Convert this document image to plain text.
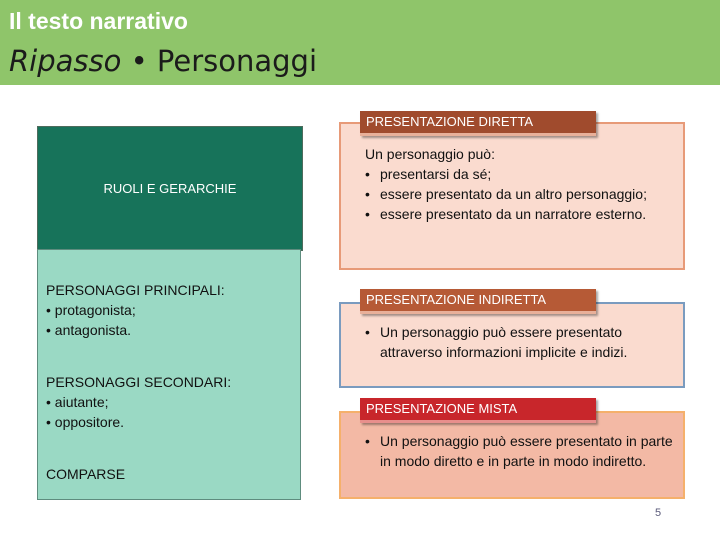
Il testo narrativo
Ripasso • Personaggi
RUOLI E GERARCHIE

PERSONAGGI PRINCIPALI:

• protagonista;

• antagonista.

PERSONAGGI SECONDARI:

• aiutante;

• oppositore.

COMPARSE

Un personaggio può:

• presentarsi da sé;
• essere presentato da un altro personaggio;
• essere presentato da un narratore esterno.
PRESENTAZIONE DIRETTA
• Un personaggio può essere presentato attraverso informazioni implicite e indizi.
PRESENTAZIONE INDIRETTA
• Un personaggio può essere presentato in parte in modo diretto e in parte in modo indiretto.
PRESENTAZIONE MISTA
5
